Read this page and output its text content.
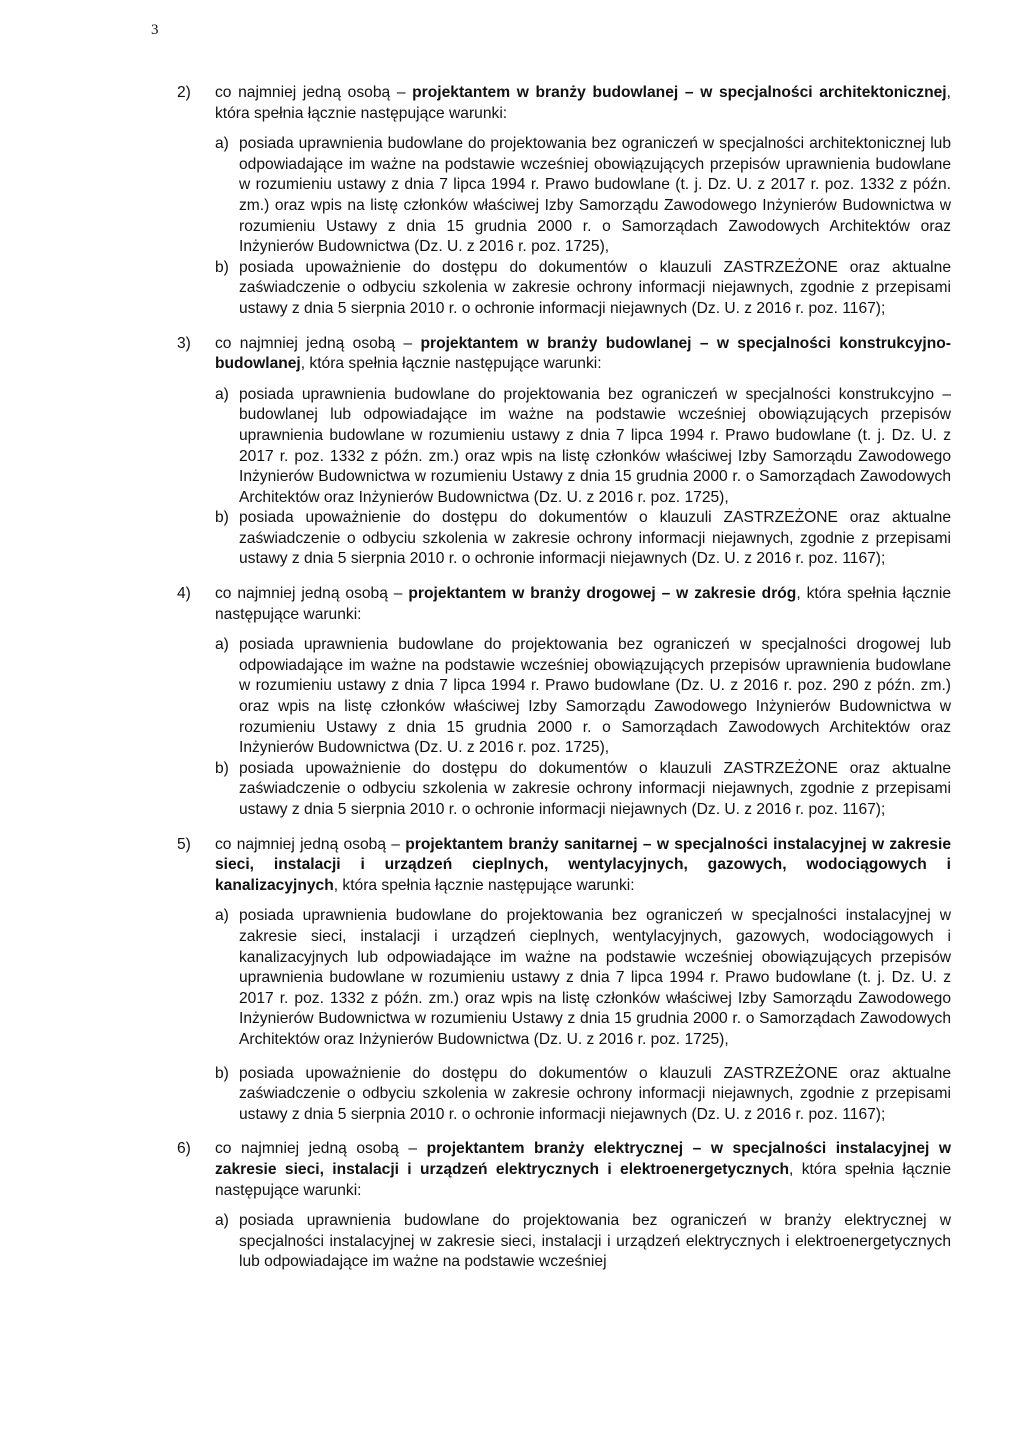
3
2)	co najmniej jedną osobą – projektantem w branży budowlanej – w specjalności architektonicznej, która spełnia łącznie następujące warunki:
a) posiada uprawnienia budowlane do projektowania bez ograniczeń w specjalności architektonicznej lub odpowiadające im ważne na podstawie wcześniej obowiązujących przepisów uprawnienia budowlane w rozumieniu ustawy z dnia 7 lipca 1994 r. Prawo budowlane (t. j. Dz. U. z 2017 r. poz. 1332 z późn. zm.) oraz wpis na listę członków właściwej Izby Samorządu Zawodowego Inżynierów Budownictwa w rozumieniu Ustawy z dnia 15 grudnia 2000 r. o Samorządach Zawodowych Architektów oraz Inżynierów Budownictwa (Dz. U. z 2016 r. poz. 1725),
b) posiada upoważnienie do dostępu do dokumentów o klauzuli ZASTRZEŻONE oraz aktualne zaświadczenie o odbyciu szkolenia w zakresie ochrony informacji niejawnych, zgodnie z przepisami ustawy z dnia 5 sierpnia 2010 r. o ochronie informacji niejawnych (Dz. U. z 2016 r. poz. 1167);
3)	co najmniej jedną osobą – projektantem w branży budowlanej – w specjalności konstrukcyjno-budowlanej, która spełnia łącznie następujące warunki:
a) posiada uprawnienia budowlane do projektowania bez ograniczeń w specjalności konstrukcyjno – budowlanej lub odpowiadające im ważne na podstawie wcześniej obowiązujących przepisów uprawnienia budowlane w rozumieniu ustawy z dnia 7 lipca 1994 r. Prawo budowlane (t. j. Dz. U. z 2017 r. poz. 1332 z późn. zm.) oraz wpis na listę członków właściwej Izby Samorządu Zawodowego Inżynierów Budownictwa w rozumieniu Ustawy z dnia 15 grudnia 2000 r. o Samorządach Zawodowych Architektów oraz Inżynierów Budownictwa (Dz. U. z 2016 r. poz. 1725),
b) posiada upoważnienie do dostępu do dokumentów o klauzuli ZASTRZEŻONE oraz aktualne zaświadczenie o odbyciu szkolenia w zakresie ochrony informacji niejawnych, zgodnie z przepisami ustawy z dnia 5 sierpnia 2010 r. o ochronie informacji niejawnych (Dz. U. z 2016 r. poz. 1167);
4)	co najmniej jedną osobą – projektantem w branży drogowej – w zakresie dróg, która spełnia łącznie następujące warunki:
a) posiada uprawnienia budowlane do projektowania bez ograniczeń w specjalności drogowej lub odpowiadające im ważne na podstawie wcześniej obowiązujących przepisów uprawnienia budowlane w rozumieniu ustawy z dnia 7 lipca 1994 r. Prawo budowlane (Dz. U. z 2016 r. poz. 290 z późn. zm.) oraz wpis na listę członków właściwej Izby Samorządu Zawodowego Inżynierów Budownictwa w rozumieniu Ustawy z dnia 15 grudnia 2000 r. o Samorządach Zawodowych Architektów oraz Inżynierów Budownictwa (Dz. U. z 2016 r. poz. 1725),
b) posiada upoważnienie do dostępu do dokumentów o klauzuli ZASTRZEŻONE oraz aktualne zaświadczenie o odbyciu szkolenia w zakresie ochrony informacji niejawnych, zgodnie z przepisami ustawy z dnia 5 sierpnia 2010 r. o ochronie informacji niejawnych (Dz. U. z 2016 r. poz. 1167);
5)	co najmniej jedną osobą – projektantem branży sanitarnej – w specjalności instalacyjnej w zakresie sieci, instalacji i urządzeń cieplnych, wentylacyjnych, gazowych, wodociągowych i kanalizacyjnych, która spełnia łącznie następujące warunki:
a) posiada uprawnienia budowlane do projektowania bez ograniczeń w specjalności instalacyjnej w zakresie sieci, instalacji i urządzeń cieplnych, wentylacyjnych, gazowych, wodociągowych i kanalizacyjnych lub odpowiadające im ważne na podstawie wcześniej obowiązujących przepisów uprawnienia budowlane w rozumieniu ustawy z dnia 7 lipca 1994 r. Prawo budowlane (t. j. Dz. U. z 2017 r. poz. 1332 z późn. zm.) oraz wpis na listę członków właściwej Izby Samorządu Zawodowego Inżynierów Budownictwa w rozumieniu Ustawy z dnia 15 grudnia 2000 r. o Samorządach Zawodowych Architektów oraz Inżynierów Budownictwa (Dz. U. z 2016 r. poz. 1725),
b) posiada upoważnienie do dostępu do dokumentów o klauzuli ZASTRZEŻONE oraz aktualne zaświadczenie o odbyciu szkolenia w zakresie ochrony informacji niejawnych, zgodnie z przepisami ustawy z dnia 5 sierpnia 2010 r. o ochronie informacji niejawnych (Dz. U. z 2016 r. poz. 1167);
6)	co najmniej jedną osobą – projektantem branży elektrycznej – w specjalności instalacyjnej w zakresie sieci, instalacji i urządzeń elektrycznych i elektroenergetycznych, która spełnia łącznie następujące warunki:
a) posiada uprawnienia budowlane do projektowania bez ograniczeń w branży elektrycznej w specjalności instalacyjnej w zakresie sieci, instalacji i urządzeń elektrycznych i elektroenergetycznych lub odpowiadające im ważne na podstawie wcześniej
